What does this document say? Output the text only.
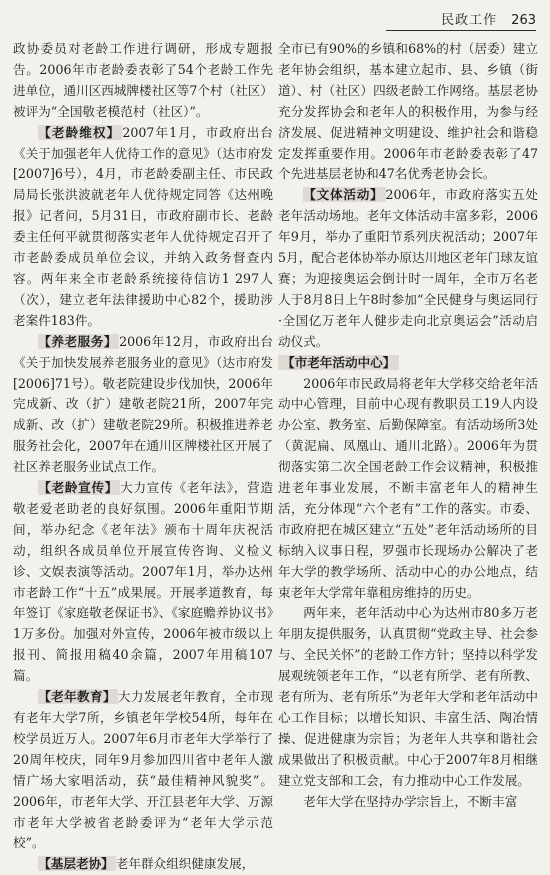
民政工作 263

政协委员对老龄工作进行调研，形成专题报告。2006年市老龄委表彰了54个老龄工作先进单位，通川区西城牌楼社区等7个村（社区）被评为“全国敬老模范村（社区）”。

【老龄维权】 2007年1月，市政府出台《关于加强老年人优待工作的意见》（达市府发[2007]6号），4月，市老龄委副主任、市民政局局长张洪波就老年人优待规定同答《达州晚报》记者问，5月31日，市政府副市长、老龄委主任何平就贯彻落实老年人优待规定召开了市老龄委成员单位会议，并纳入政务督查内容。两年来全市老龄系统接待信访1 297人（次），建立老年法律援助中心82个，援助涉老案件183件。

【养老服务】 2006年12月，市政府出台《关于加快发展养老服务业的意见》（达市府发[2006]71号）。敬老院建设步伐加快，2006年完成新、改（扩）建敬老院21所，2007年完成新、改（扩）建敬老院29所。积极推进养老服务社会化，2007年在通川区牌楼社区开展了社区养老服务业试点工作。

【老龄宣传】 大力宣传《老年法》，营造敬老爱老助老的良好氛围。2006年重阳节期间，举办纪念《老年法》颁布十周年庆祝活动，组织各成员单位开展宣传咨询、义检义诊、文娱表演等活动。2007年1月，举办达州市老龄工作“十五”成果展。开展孝道教育，每年签订《家庭敬老保证书》、《家庭赡养协议书》1万多份。加强对外宣传，2006年被市级以上报刊、简报用稿40余篇，2007年用稿107篇。

【老年教育】 大力发展老年教育，全市现有老年大学7所，乡镇老年学校54所，每年在校学员近万人。2007年6月市老年大学举行了20周年校庆，同年9月参加四川省中老年人激情广场大家唱活动，获“最佳精神风貌奖”。2006年，市老年大学、开江县老年大学、万源市老年大学被省老龄委评为“老年大学示范校”。

【基层老协】 老年群众组织健康发展，

全市已有90%的乡镇和68%的村（居委）建立老年协会组织，基本建立起市、县、乡镇（街道）、村（社区）四级老龄工作网络。基层老协充分发挥协会和老年人的积极作用，为参与经济发展、促进精神文明建设、维护社会和谐稳定发挥重要作用。2006年市老龄委表彰了47个先进基层老协和47名优秀老协会长。

【文体活动】 2006年，市政府落实五处老年活动场地。老年文体活动丰富多彩，2006年9月，举办了重阳节系列庆祝活动；2007年5月，配合老体协举办原达川地区老年门球友谊赛；为迎接奥运会倒计时一周年，全市万名老人于8月8日上午8时参加“全民健身与奥运同行·全国亿万老年人健步走向北京奥运会”活动启动仪式。

【市老年活动中心】

2006年市民政局将老年大学移交给老年活动中心管理，目前中心现有教职员工19人内设办公室、教务室、后勤保障室。有活动场所3处（黄泥扁、凤凰山、通川北路）。2006年为贯彻落实第二次全国老龄工作会议精神，积极推进老年事业发展，不断丰富老年人的精神生活，充分体现“六个老有”工作的落实。市委、市政府把在城区建立“五处”老年活动场所的目标纳入议事日程，罗强市长现场办公解决了老年大学的教学场所、活动中心的办公地点，结束老年大学常年靠租房维持的历史。

两年来，老年活动中心为达州市80多万老年朋友提供服务，认真贯彻“党政主导、社会参与、全民关怀”的老龄工作方针；坚持以科学发展观统领老年工作，“以老有所学、老有所教、老有所为、老有所乐”为老年大学和老年活动中心工作目标；以增长知识、丰富生活、陶冶情操、促进健康为宗旨；为老年人共享和谐社会成果做出了积极贡献。中心于2007年8月相继建立党支部和工会，有力推动中心工作发展。

老年大学在坚持办学宗旨上，不断丰富
